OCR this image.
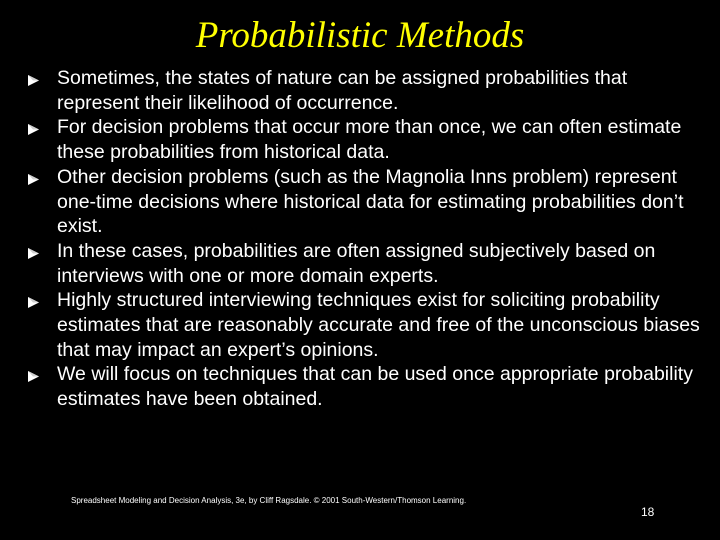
Probabilistic Methods
Sometimes, the states of nature can be assigned probabilities that represent their likelihood of occurrence.
For decision problems that occur more than once, we can often estimate these probabilities from historical data.
Other decision problems (such as the Magnolia Inns problem) represent one-time decisions where historical data for estimating probabilities don’t exist.
In these cases, probabilities are often assigned subjectively based on interviews with one or more domain experts.
Highly structured interviewing techniques exist for soliciting probability estimates that are reasonably accurate and free of the unconscious biases that may impact an expert’s opinions.
We will focus on techniques that can be used once appropriate probability estimates have been obtained.
Spreadsheet Modeling and Decision Analysis, 3e, by Cliff Ragsdale. © 2001 South-Western/Thomson Learning.
18
